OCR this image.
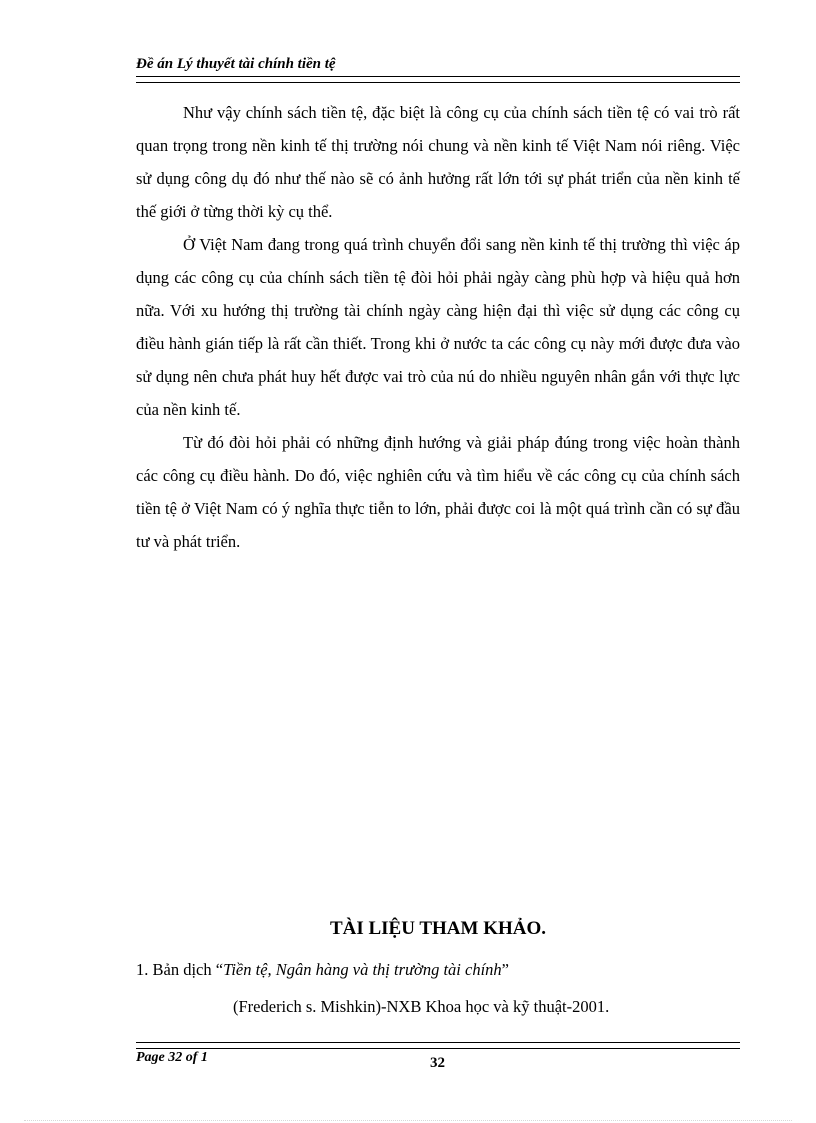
Đề án Lý thuyết tài chính tiền tệ

Như vậy chính sách tiền tệ, đặc biệt là công cụ của chính sách tiền tệ có vai trò rất quan trọng trong nền kinh tế thị trường nói chung và nền kinh tế Việt Nam nói riêng. Việc sử dụng công dụ đó như thế nào sẽ có ảnh hưởng rất lớn tới sự phát triển của nền kinh tế thế giới ở từng thời kỳ cụ thể.

Ở Việt Nam đang trong quá trình chuyển đổi sang nền kinh tế thị trường thì việc áp dụng các công cụ của chính sách tiền tệ đòi hỏi phải ngày càng phù hợp và hiệu quả hơn nữa. Với xu hướng thị trường tài chính ngày càng hiện đại thì việc sử dụng các công cụ điều hành gián tiếp là rất cần thiết. Trong khi ở nước ta các công cụ này mới được đưa vào sử dụng nên chưa phát huy hết được vai trò của nú do nhiều nguyên nhân gắn với thực lực của nền kinh tế.

Từ đó đòi hỏi phải có những định hướng và giải pháp đúng trong việc hoàn thành các công cụ điều hành. Do đó, việc nghiên cứu và tìm hiểu về các công cụ của chính sách tiền tệ ở Việt Nam có ý nghĩa thực tiễn to lớn, phải được coi là một quá trình cần có sự đầu tư và phát triển.

TÀI LIỆU THAM KHẢO.
1. Bản dịch “Tiền tệ, Ngân hàng và thị trường tài chính”
(Frederich s. Mishkin)-NXB Khoa học và kỹ thuật-2001.
Page 32 of 1	32
